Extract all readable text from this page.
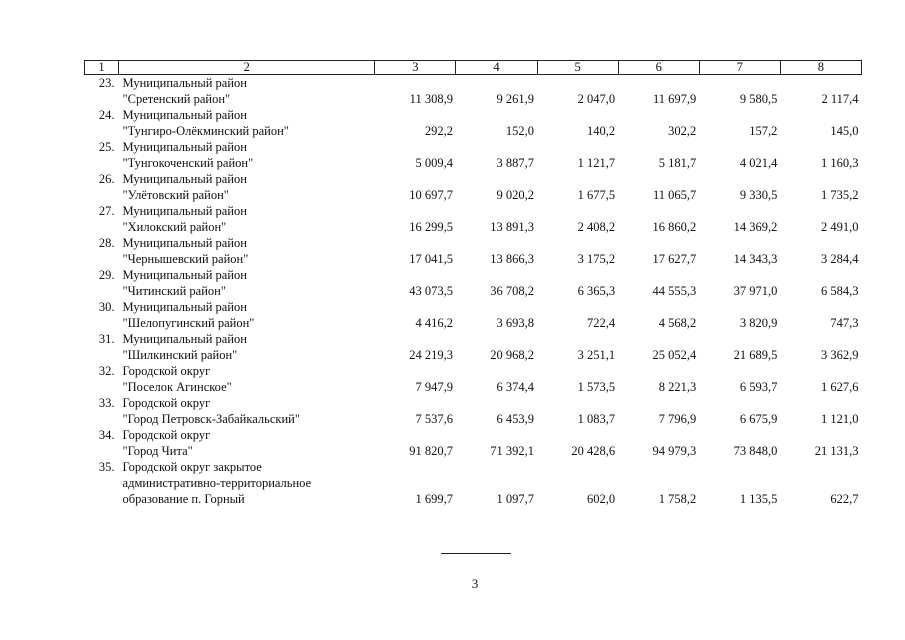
1	2	3	4	5	6	7	8
23.	Муниципальный район
"Сретенский район"	11 308,9	9 261,9	2 047,0	11 697,9	9 580,5	2 117,4
24.	Муниципальный район
"Тунгиро-Олёкминский район"	292,2	152,0	140,2	302,2	157,2	145,0
25.	Муниципальный район
"Тунгокоченский район"	5 009,4	3 887,7	1 121,7	5 181,7	4 021,4	1 160,3
26.	Муниципальный район
"Улётовский район"	10 697,7	9 020,2	1 677,5	11 065,7	9 330,5	1 735,2
27.	Муниципальный район
"Хилокский район"	16 299,5	13 891,3	2 408,2	16 860,2	14 369,2	2 491,0
28.	Муниципальный район
"Чернышевский район"	17 041,5	13 866,3	3 175,2	17 627,7	14 343,3	3 284,4
29.	Муниципальный район
"Читинский район"	43 073,5	36 708,2	6 365,3	44 555,3	37 971,0	6 584,3
30.	Муниципальный район
"Шелопугинский район"	4 416,2	3 693,8	722,4	4 568,2	3 820,9	747,3
31.	Муниципальный район
"Шилкинский район"	24 219,3	20 968,2	3 251,1	25 052,4	21 689,5	3 362,9
32.	Городской округ
"Поселок Агинское"	7 947,9	6 374,4	1 573,5	8 221,3	6 593,7	1 627,6
33.	Городской округ
"Город Петровск-Забайкальский"	7 537,6	6 453,9	1 083,7	7 796,9	6 675,9	1 121,0
34.	Городской округ
"Город Чита"	91 820,7	71 392,1	20 428,6	94 979,3	73 848,0	21 131,3
35.	Городской округ закрытое
административно-территориальное
образование п. Горный	1 699,7	1 097,7	602,0	1 758,2	1 135,5	622,7
3
